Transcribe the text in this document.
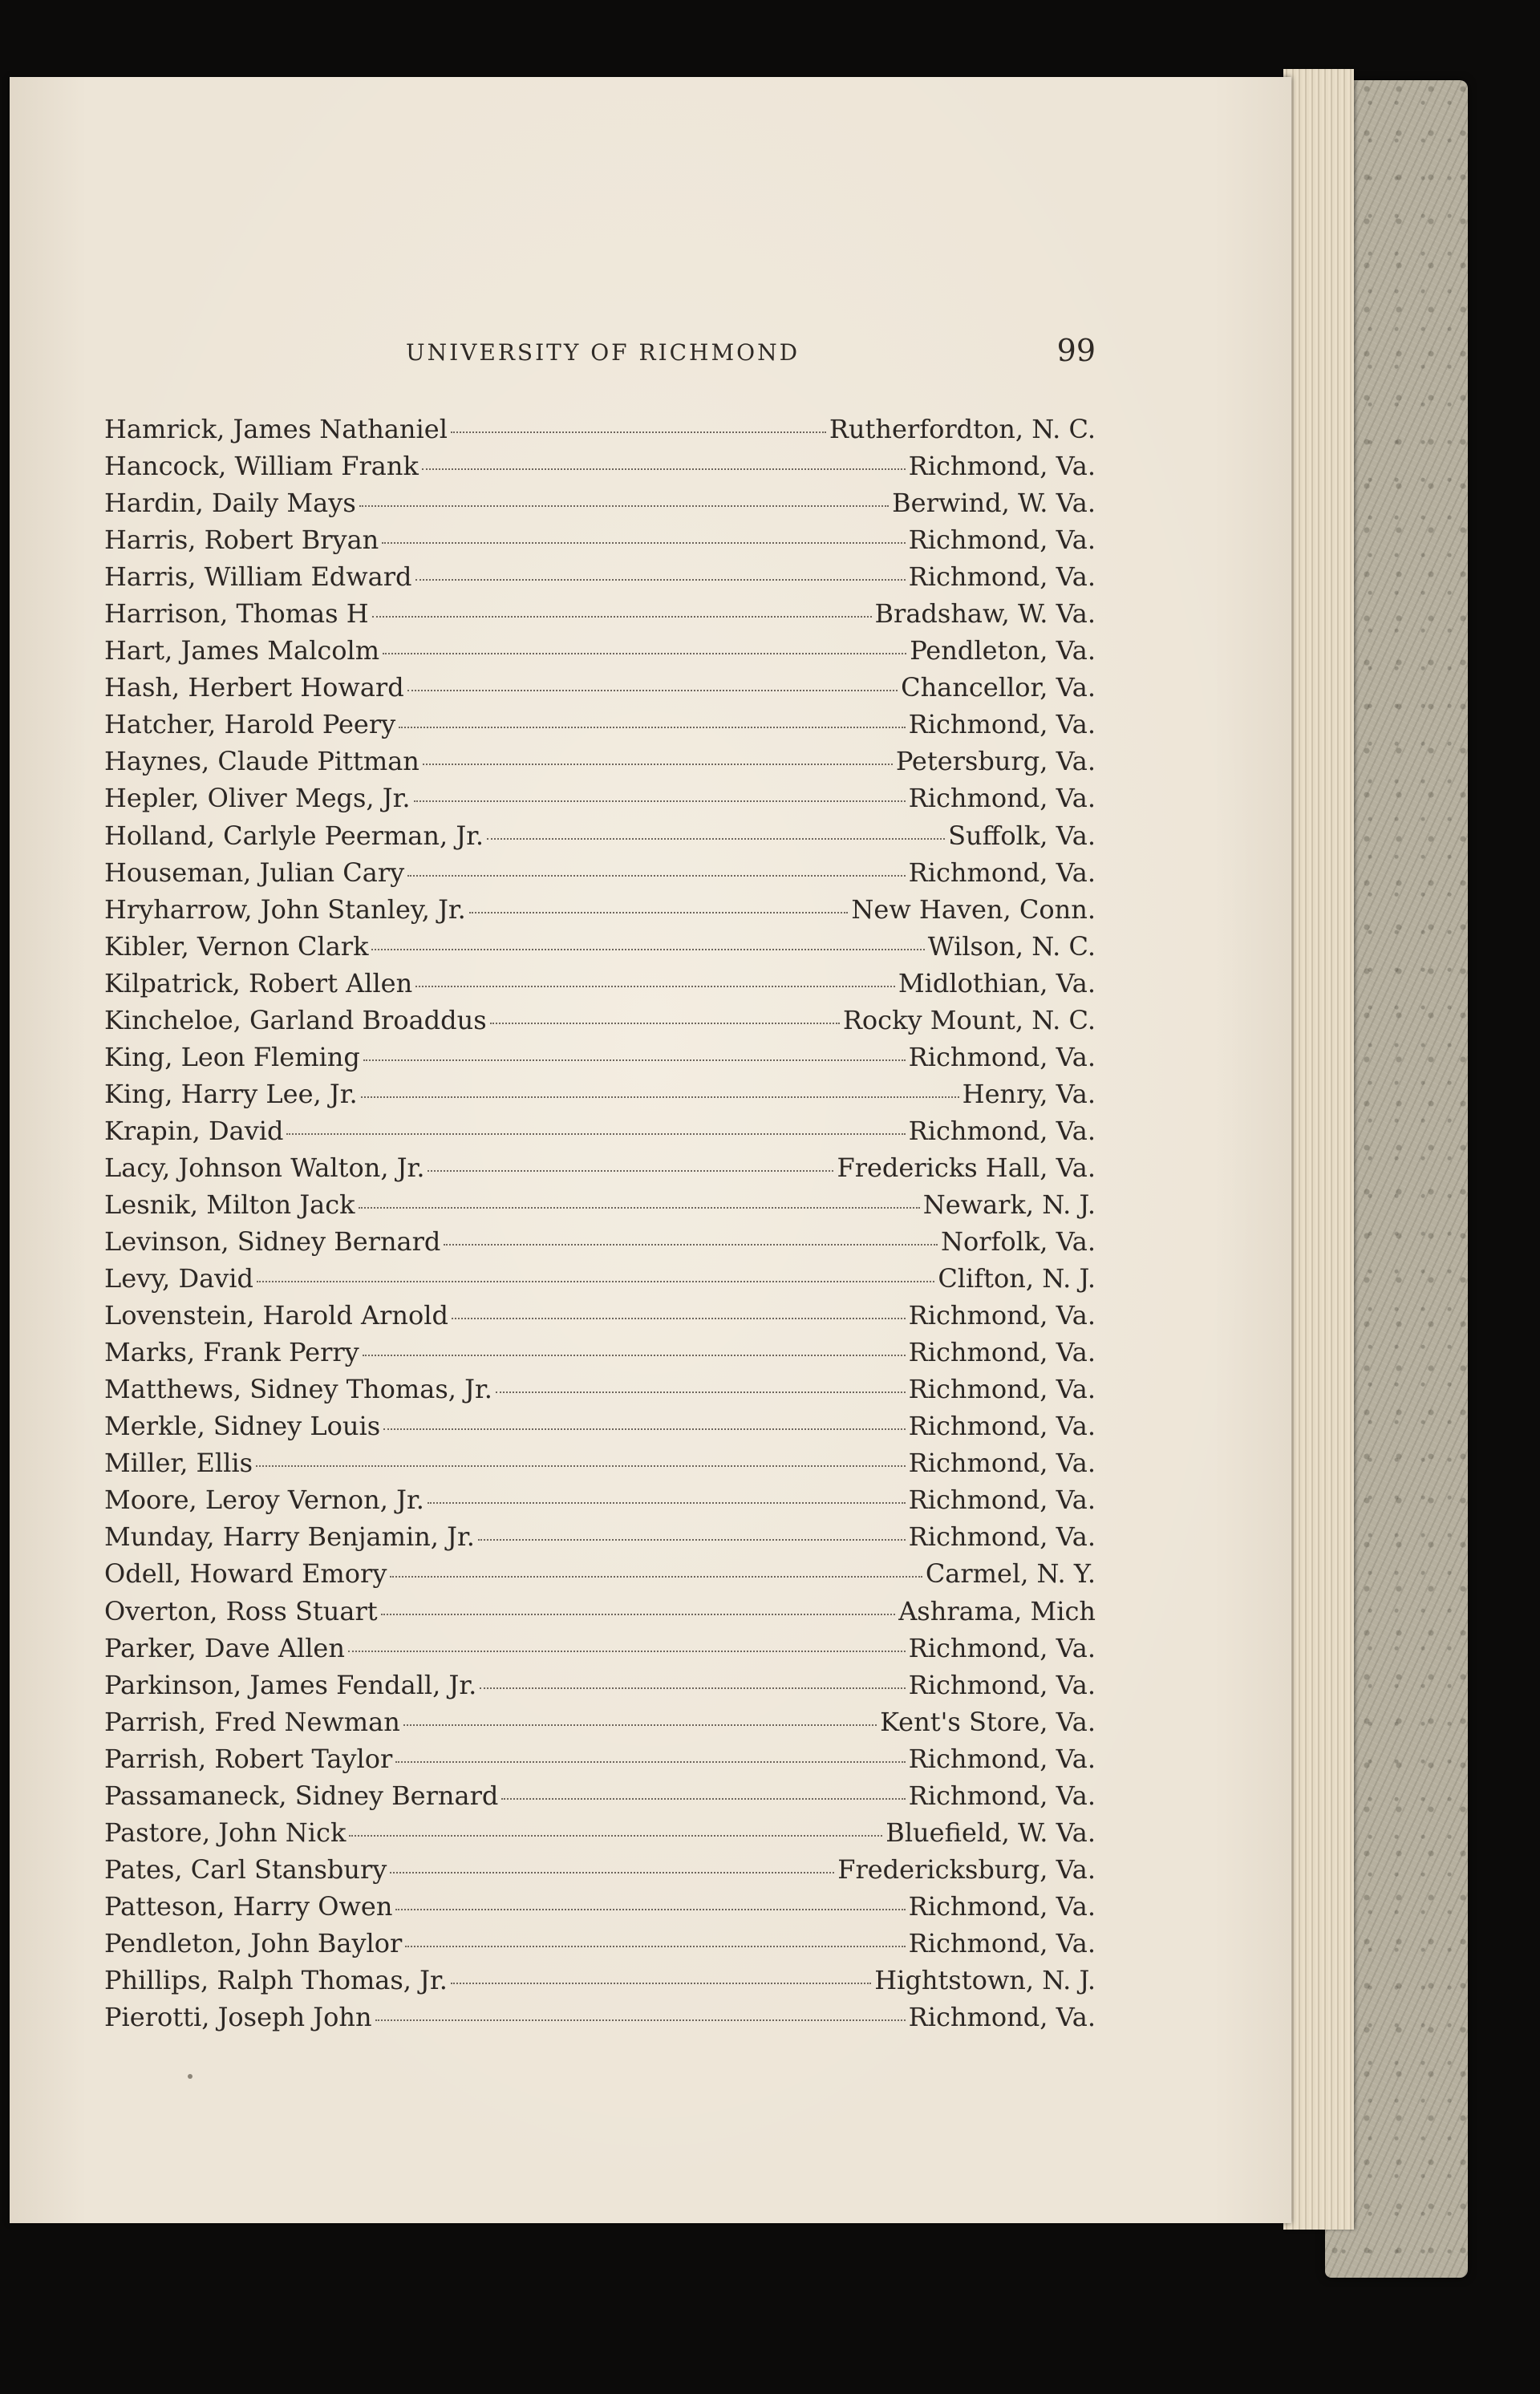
UNIVERSITY OF RICHMOND	99
Hamrick, James Nathaniel	Rutherfordton, N. C.
Hancock, William Frank	Richmond, Va.
Hardin, Daily Mays	Berwind, W. Va.
Harris, Robert Bryan	Richmond, Va.
Harris, William Edward	Richmond, Va.
Harrison, Thomas H	Bradshaw, W. Va.
Hart, James Malcolm	Pendleton, Va.
Hash, Herbert Howard	Chancellor, Va.
Hatcher, Harold Peery	Richmond, Va.
Haynes, Claude Pittman	Petersburg, Va.
Hepler, Oliver Megs, Jr.	Richmond, Va.
Holland, Carlyle Peerman, Jr.	Suffolk, Va.
Houseman, Julian Cary	Richmond, Va.
Hryharrow, John Stanley, Jr.	New Haven, Conn.
Kibler, Vernon Clark	Wilson, N. C.
Kilpatrick, Robert Allen	Midlothian, Va.
Kincheloe, Garland Broaddus	Rocky Mount, N. C.
King, Leon Fleming	Richmond, Va.
King, Harry Lee, Jr.	Henry, Va.
Krapin, David	Richmond, Va.
Lacy, Johnson Walton, Jr.	Fredericks Hall, Va.
Lesnik, Milton Jack	Newark, N. J.
Levinson, Sidney Bernard	Norfolk, Va.
Levy, David	Clifton, N. J.
Lovenstein, Harold Arnold	Richmond, Va.
Marks, Frank Perry	Richmond, Va.
Matthews, Sidney Thomas, Jr.	Richmond, Va.
Merkle, Sidney Louis	Richmond, Va.
Miller, Ellis	Richmond, Va.
Moore, Leroy Vernon, Jr.	Richmond, Va.
Munday, Harry Benjamin, Jr.	Richmond, Va.
Odell, Howard Emory	Carmel, N. Y.
Overton, Ross Stuart	Ashrama, Mich
Parker, Dave Allen	Richmond, Va.
Parkinson, James Fendall, Jr.	Richmond, Va.
Parrish, Fred Newman	Kent's Store, Va.
Parrish, Robert Taylor	Richmond, Va.
Passamaneck, Sidney Bernard	Richmond, Va.
Pastore, John Nick	Bluefield, W. Va.
Pates, Carl Stansbury	Fredericksburg, Va.
Patteson, Harry Owen	Richmond, Va.
Pendleton, John Baylor	Richmond, Va.
Phillips, Ralph Thomas, Jr.	Hightstown, N. J.
Pierotti, Joseph John	Richmond, Va.
